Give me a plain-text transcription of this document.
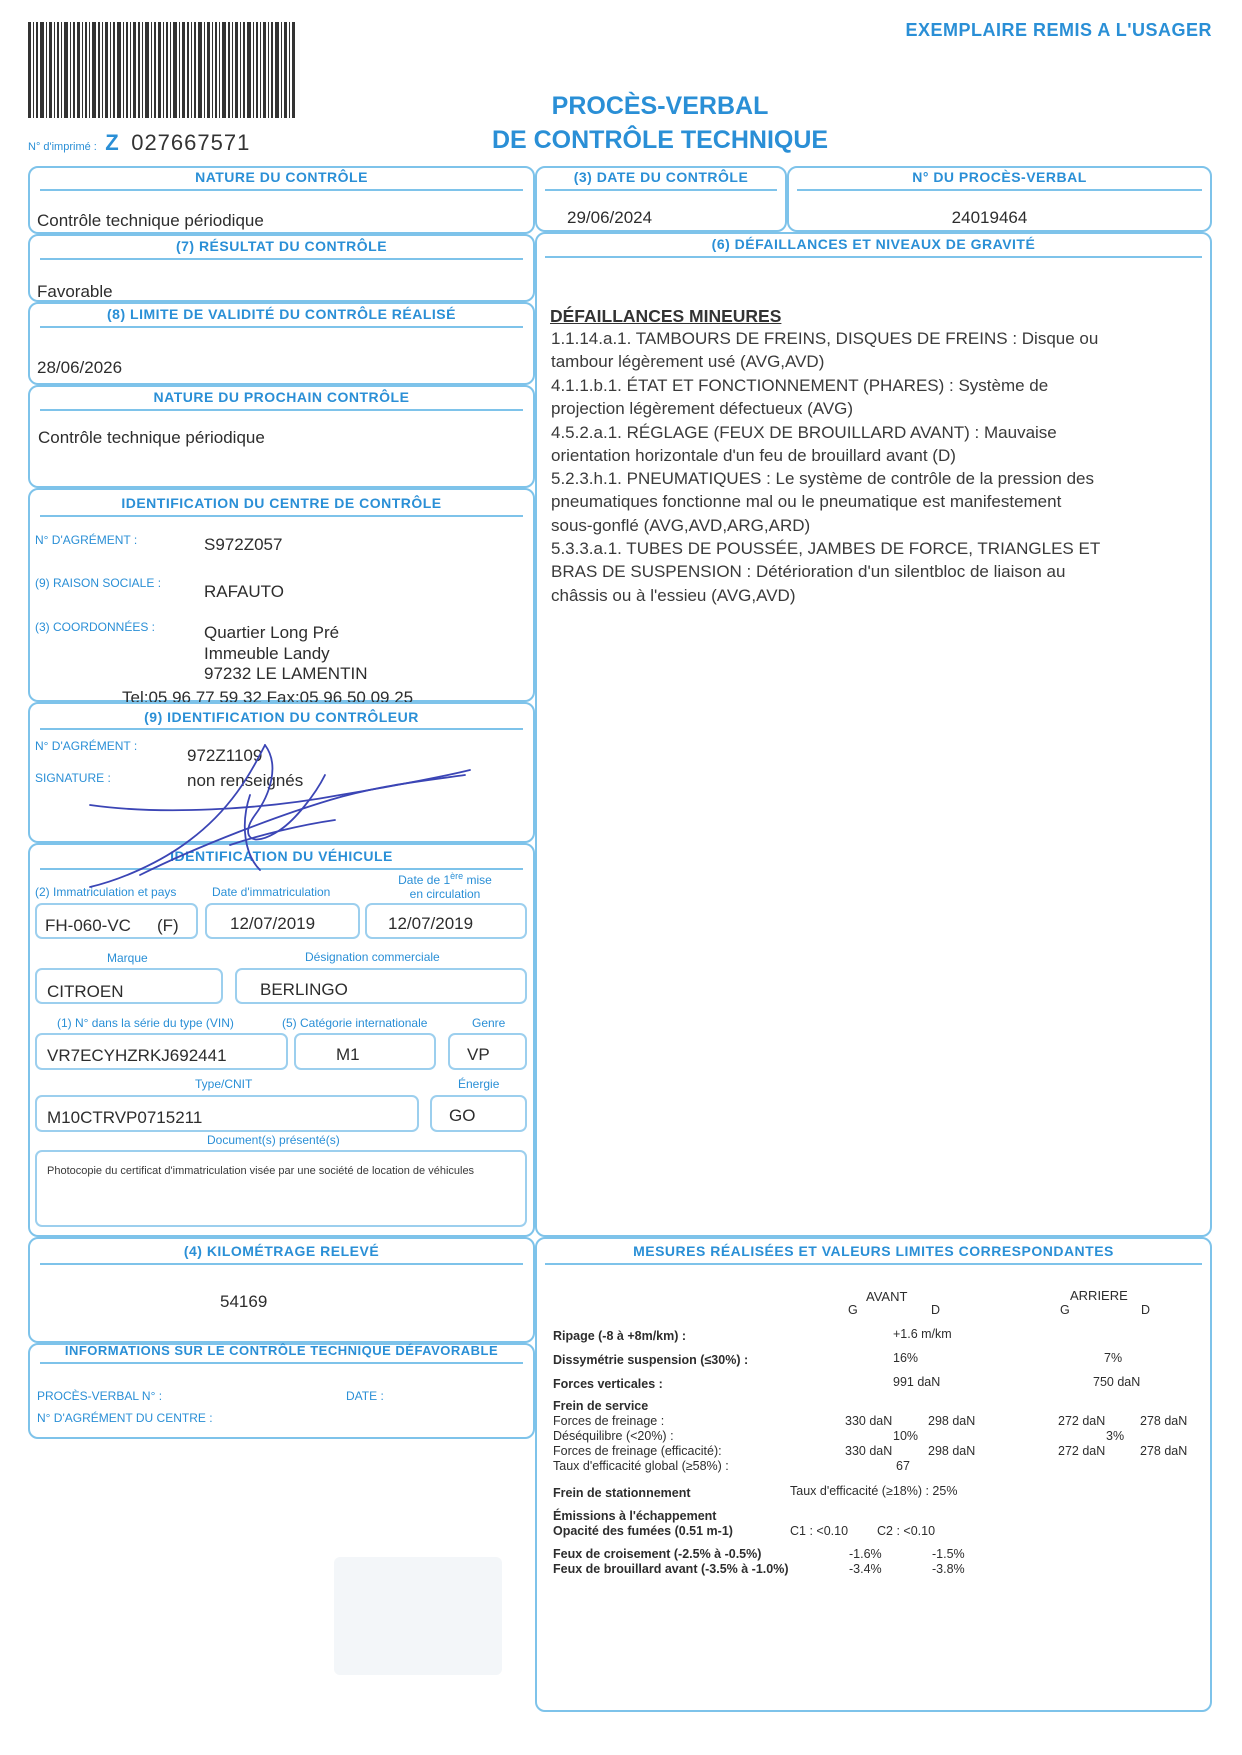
N° d'imprimé : Z 027667571
EXEMPLAIRE REMIS A L'USAGER
PROCÈS-VERBAL
DE CONTRÔLE TECHNIQUE
NATURE DU CONTRÔLE
Contrôle technique périodique
(7) RÉSULTAT DU CONTRÔLE
Favorable
(8) LIMITE DE VALIDITÉ DU CONTRÔLE RÉALISÉ
28/06/2026
NATURE DU PROCHAIN CONTRÔLE
Contrôle technique périodique
IDENTIFICATION DU CENTRE DE CONTRÔLE
N° D'AGRÉMENT :	S972Z057
(9) RAISON SOCIALE :	RAFAUTO
(3) COORDONNÉES :	Quartier Long Pré
Immeuble Landy
97232 LE LAMENTIN
Tel:05 96 77 59 32 Fax:05 96 50 09 25
(9) IDENTIFICATION DU CONTRÔLEUR
N° D'AGRÉMENT :	972Z1109
SIGNATURE :	non renseignés
IDENTIFICATION DU VÉHICULE
(2) Immatriculation et pays	Date d'immatriculation
Date de 1ère mise
en circulation
FH-060-VC (F)	12/07/2019	12/07/2019
Marque	Désignation commerciale
CITROEN	BERLINGO
(1) N° dans la série du type (VIN)	(5) Catégorie internationale	Genre
VR7ECYHZRKJ692441	M1	VP
Type/CNIT	Énergie
M10CTRVP0715211	GO
Document(s) présenté(s)
Photocopie du certificat d'immatriculation visée par une société de location de véhicules
(4) KILOMÉTRAGE RELEVÉ
54169
INFORMATIONS SUR LE CONTRÔLE TECHNIQUE DÉFAVORABLE
PROCÈS-VERBAL N° :	DATE :
N° D'AGRÉMENT DU CENTRE :
(3) DATE DU CONTRÔLE
29/06/2024
N° DU PROCÈS-VERBAL
24019464
(6) DÉFAILLANCES ET NIVEAUX DE GRAVITÉ
DÉFAILLANCES MINEURES
1.1.14.a.1. TAMBOURS DE FREINS, DISQUES DE FREINS : Disque ou
tambour légèrement usé (AVG,AVD)
4.1.1.b.1. ÉTAT ET FONCTIONNEMENT (PHARES) : Système de
projection légèrement défectueux (AVG)
4.5.2.a.1. RÉGLAGE (FEUX DE BROUILLARD AVANT) : Mauvaise
orientation horizontale d'un feu de brouillard avant (D)
5.2.3.h.1. PNEUMATIQUES : Le système de contrôle de la pression des
pneumatiques fonctionne mal ou le pneumatique est manifestement
sous-gonflé (AVG,AVD,ARG,ARD)
5.3.3.a.1. TUBES DE POUSSÉE, JAMBES DE FORCE, TRIANGLES ET
BRAS DE SUSPENSION : Détérioration d'un silentbloc de liaison au
châssis ou à l'essieu (AVG,AVD)
MESURES RÉALISÉES ET VALEURS LIMITES CORRESPONDANTES
AVANT	ARRIERE
G	D	G	D
Ripage (-8 à +8m/km) :	+1.6 m/km
Dissymétrie suspension (≤30%) :	16%	7%
Forces verticales :	991 daN	750 daN
Frein de service
Forces de freinage :	330 daN	298 daN	272 daN	278 daN
Déséquilibre (<20%) :	10%	3%
Forces de freinage (efficacité):	330 daN	298 daN	272 daN	278 daN
Taux d'efficacité global (≥58%) :	67
Frein de stationnement	Taux d'efficacité (≥18%) : 25%
Émissions à l'échappement
Opacité des fumées (0.51 m-1)	C1 : <0.10 C2 : <0.10
Feux de croisement (-2.5% à -0.5%)	-1.6%	-1.5%
Feux de brouillard avant (-3.5% à -1.0%)	-3.4%	-3.8%
